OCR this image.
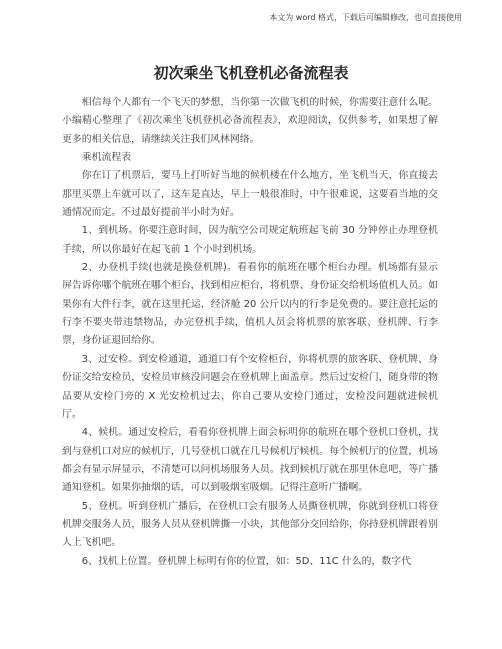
本文为 word 格式，下载后可编辑修改，也可直接使用
初次乘坐飞机登机必备流程表

相信每个人都有一个飞天的梦想，当你第一次做飞机的时候，你需要注意什么呢。小编精心整理了《初次乘坐飞机登机必备流程表》，欢迎阅读，仅供参考，如果想了解更多的相关信息，请继续关注我们风林网络。

乘机流程表

你在订了机票后，要马上打听好当地的候机楼在什么地方，坐飞机当天，你直接去那里买票上车就可以了，这车是直达，早上一般很准时，中午很难说，这要看当地的交通情况而定。不过最好提前半小时为好。

1、到机场。你要注意时间，因为航空公司规定航班起飞前 30 分钟停止办理登机手续，所以你最好在起飞前 1 个小时到机场。

2、办登机手续(也就是换登机牌)。看看你的航班在哪个柜台办理。机场都有显示屏告诉你哪个航班在哪个柜台，找到相应柜台，将机票、身份证交给机场值机人员。如果你有大件行李，就在这里托运，经济舱 20 公斤以内的行李是免费的。要注意托运的行李不要夹带违禁物品，办完登机手续，值机人员会将机票的旅客联、登机牌、行李票，身份证退回给你。

3、过安检。到安检通道，通道口有个安检柜台，你将机票的旅客联、登机牌、身份证交给安检员，安检员审核没问题会在登机牌上面盖章。然后过安检门，随身带的物品要从安检门旁的 X 光安检机过去，你自己要从安检门通过，安检没问题就进候机厅。

4、候机。通过安检后，看看你登机牌上面会标明你的航班在哪个登机口登机，找到与登机口对应的候机厅，几号登机口就在几号候机厅候机。每个候机厅的位置，机场都会有显示屏显示，不清楚可以问机场服务人员。找到候机厅就在那里休息吧，等广播通知登机。如果你抽烟的话，可以到吸烟室吸烟。记得注意听广播啊。

5、登机。听到登机广播后，在登机口会有服务人员撕登机牌，你就到登机口将登机牌交服务人员，服务人员从登机牌撕一小块，其他部分交回给你，你持登机牌跟着别人上飞机吧。

6、找机上位置。登机牌上标明有你的位置，如：5D、11C 什么的，数字代
